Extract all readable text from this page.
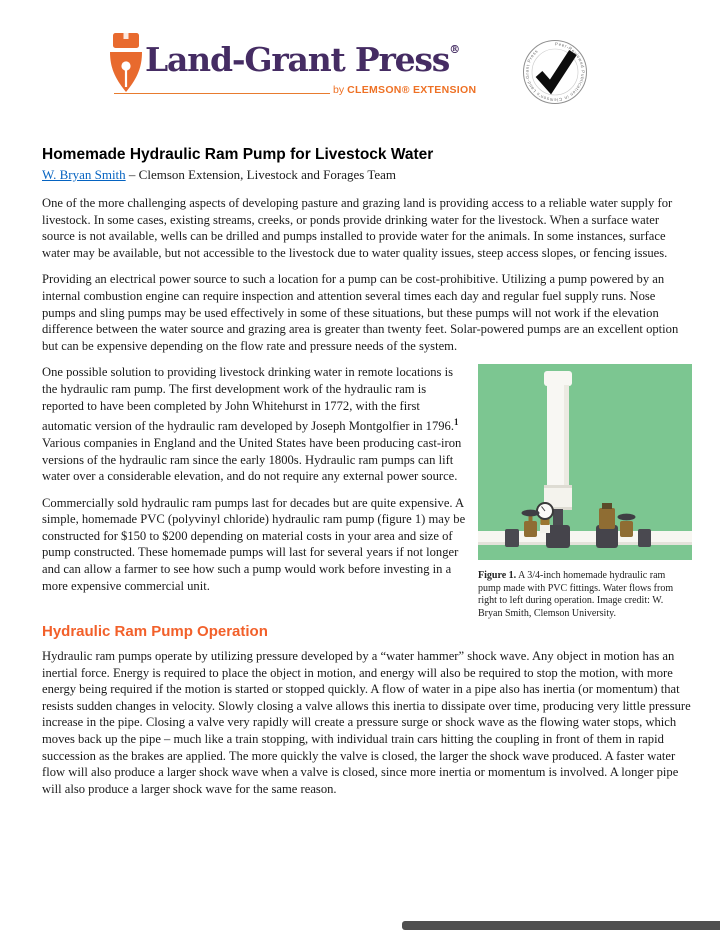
Land-Grant Press®
by CLEMSON® EXTENSION
Peer-Reviewed Publication in Clemson's Land-Grant Press
Homemade Hydraulic Ram Pump for Livestock Water

W. Bryan Smith – Clemson Extension, Livestock and Forages Team

One of the more challenging aspects of developing pasture and grazing land is providing access to a reliable water supply for livestock. In some cases, existing streams, creeks, or ponds provide drinking water for the livestock. When a surface water source is not available, wells can be drilled and pumps installed to provide water for the animals. In some instances, surface water may be available, but not accessible to the livestock due to water quality issues, steep access slopes, or fencing issues.

Providing an electrical power source to such a location for a pump can be cost-prohibitive. Utilizing a pump powered by an internal combustion engine can require inspection and attention several times each day and regular fuel supply runs. Nose pumps and sling pumps may be used effectively in some of these situations, but these pumps will not work if the elevation difference between the water source and grazing area is greater than twenty feet. Solar-powered pumps are an excellent option but can be expensive depending on the flow rate and pressure needs of the system.

One possible solution to providing livestock drinking water in remote locations is the hydraulic ram pump. The first development work of the hydraulic ram is reported to have been completed by John Whitehurst in 1772, with the first automatic version of the hydraulic ram developed by Joseph Montgolfier in 1796.$^1$ Various companies in England and the United States have been producing cast-iron versions of the hydraulic ram since the early 1800s. Hydraulic ram pumps can lift water over a considerable elevation, and do not require any external power source.

Commercially sold hydraulic ram pumps last for decades but are quite expensive. A simple, homemade PVC (polyvinyl chloride) hydraulic ram pump (figure 1) may be constructed for $150 to $200 depending on material costs in your area and size of pump constructed. These homemade pumps will last for several years if not longer and can allow a farmer to see how such a pump would work before investing in a more expensive commercial unit.

Figure 1. A 3/4-inch homemade hydraulic ram pump made with PVC fittings. Water flows from right to left during operation. Image credit: W. Bryan Smith, Clemson University.
Hydraulic Ram Pump Operation

Hydraulic ram pumps operate by utilizing pressure developed by a “water hammer” shock wave. Any object in motion has an inertial force. Energy is required to place the object in motion, and energy will also be required to stop the motion, with more energy being required if the motion is started or stopped quickly. A flow of water in a pipe also has inertia (or momentum) that resists sudden changes in velocity. Slowly closing a valve allows this inertia to dissipate over time, producing very little pressure increase in the pipe. Closing a valve very rapidly will create a pressure surge or shock wave as the flowing water stops, which moves back up the pipe – much like a train stopping, with individual train cars hitting the coupling in front of them in rapid succession as the brakes are applied. The more quickly the valve is closed, the larger the shock wave produced. A faster water flow will also produce a larger shock wave when a valve is closed, since more inertia or momentum is involved. A longer pipe will also produce a larger shock wave for the same reason.
